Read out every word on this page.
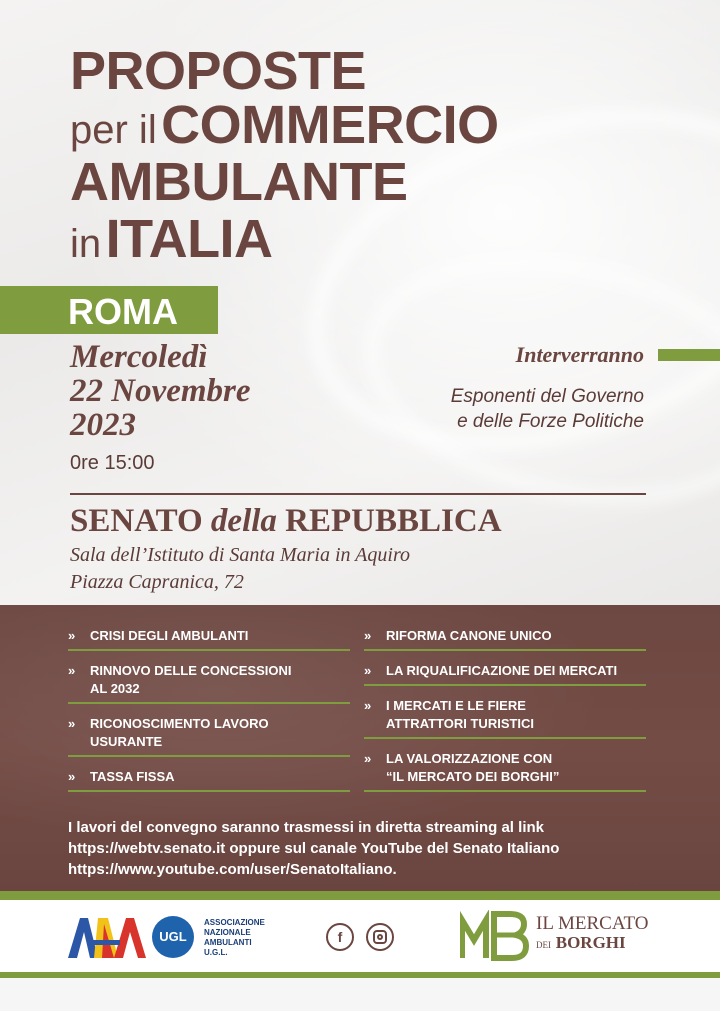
PROPOSTE
per il COMMERCIO
AMBULANTE
in ITALIA
ROMA
Mercoledì
22 Novembre
2023
0re 15:00
Interverranno
Esponenti del Governo
e delle Forze Politiche
SENATO della REPUBBLICA
Sala dell’Istituto di Santa Maria in Aquiro
Piazza Capranica, 72
» CRISI DEGLI AMBULANTI
» RINNOVO DELLE CONCESSIONI
AL 2032
» RICONOSCIMENTO LAVORO
USURANTE
» TASSA FISSA
» RIFORMA CANONE UNICO
» LA RIQUALIFICAZIONE DEI MERCATI
» I MERCATI E LE FIERE
ATTRATTORI TURISTICI
» LA VALORIZZAZIONE CON
“IL MERCATO DEI BORGHI”
I lavori del convegno saranno trasmessi in diretta streaming al link
https://webtv.senato.it oppure sul canale YouTube del Senato Italiano
https://www.youtube.com/user/SenatoItaliano.
UGL
ASSOCIAZIONE
NAZIONALE
AMBULANTI
U.G.L.
f
IL MERCATO
DEI BORGHI
